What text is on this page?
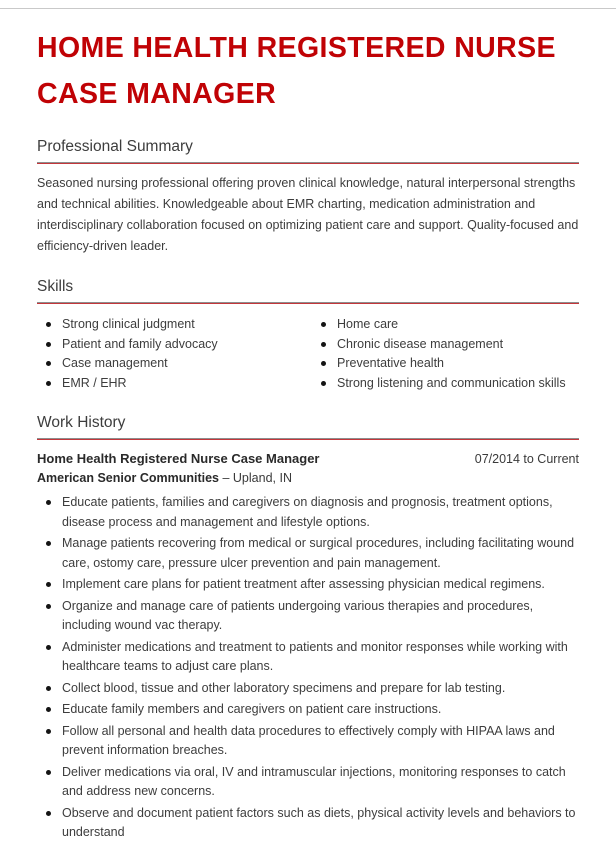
HOME HEALTH REGISTERED NURSE CASE MANAGER
Professional Summary

Seasoned nursing professional offering proven clinical knowledge, natural interpersonal strengths and technical abilities. Knowledgeable about EMR charting, medication administration and interdisciplinary collaboration focused on optimizing patient care and support. Quality-focused and efficiency-driven leader.

Skills
Strong clinical judgment
Patient and family advocacy
Case management
EMR / EHR
Home care
Chronic disease management
Preventative health
Strong listening and communication skills
Work History
Home Health Registered Nurse Case Manager	07/2014 to Current
American Senior Communities – Upland, IN
Educate patients, families and caregivers on diagnosis and prognosis, treatment options, disease process and management and lifestyle options.
Manage patients recovering from medical or surgical procedures, including facilitating wound care, ostomy care, pressure ulcer prevention and pain management.
Implement care plans for patient treatment after assessing physician medical regimens.
Organize and manage care of patients undergoing various therapies and procedures, including wound vac therapy.
Administer medications and treatment to patients and monitor responses while working with healthcare teams to adjust care plans.
Collect blood, tissue and other laboratory specimens and prepare for lab testing.
Educate family members and caregivers on patient care instructions.
Follow all personal and health data procedures to effectively comply with HIPAA laws and prevent information breaches.
Deliver medications via oral, IV and intramuscular injections, monitoring responses to catch and address new concerns.
Observe and document patient factors such as diets, physical activity levels and behaviors to understand
